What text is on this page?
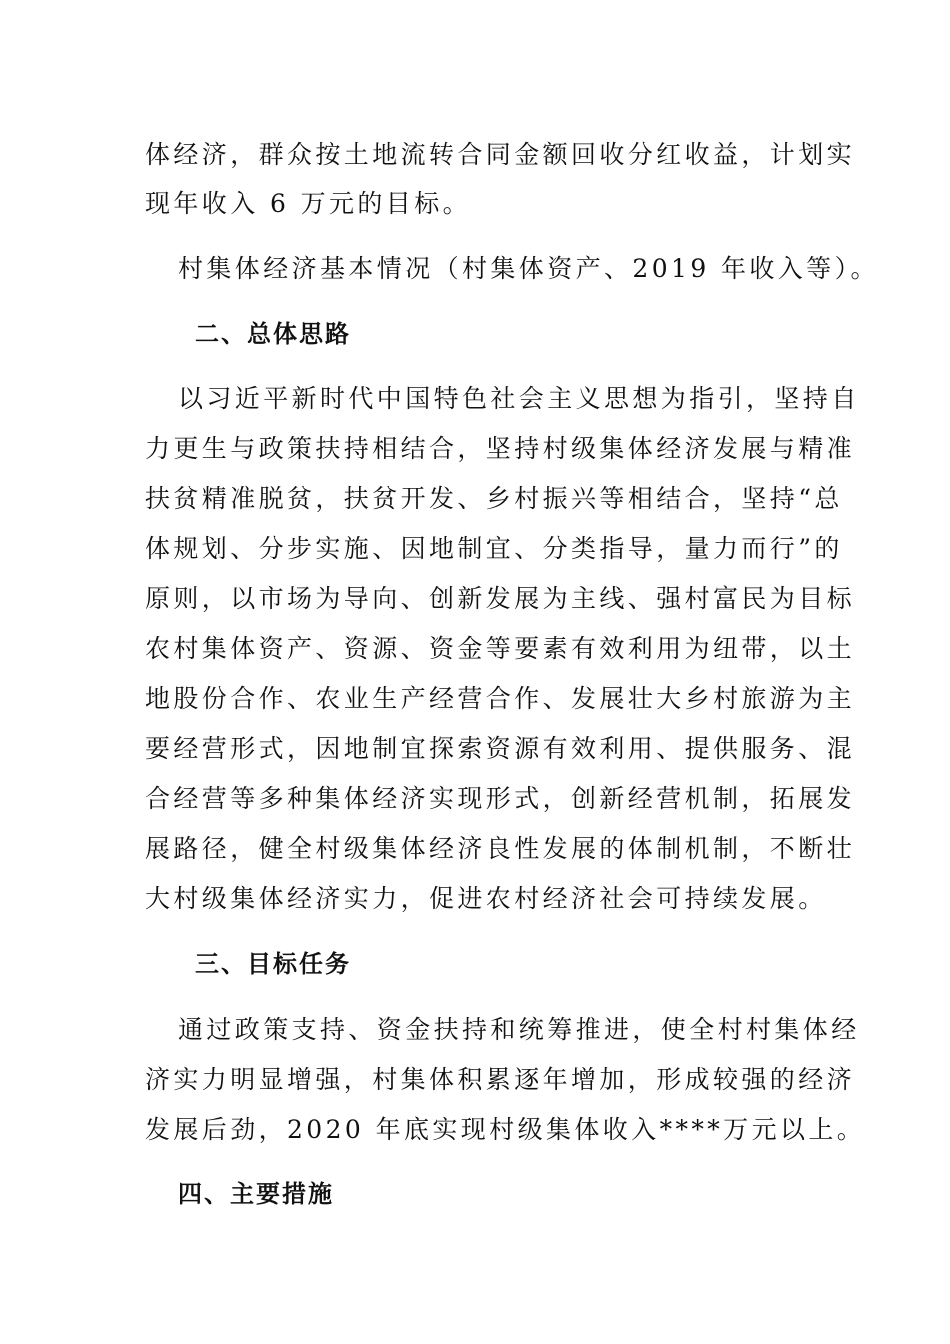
体经济，群众按土地流转合同金额回收分红收益，计划实
现年收入 6 万元的目标。
村集体经济基本情况（村集体资产、2019 年收入等）。
二、总体思路
以习近平新时代中国特色社会主义思想为指引，坚持自
力更生与政策扶持相结合，坚持村级集体经济发展与精准
扶贫精准脱贫，扶贫开发、乡村振兴等相结合，坚持“总
体规划、分步实施、因地制宜、分类指导，量力而行”的
原则，以市场为导向、创新发展为主线、强村富民为目标
农村集体资产、资源、资金等要素有效利用为纽带，以土
地股份合作、农业生产经营合作、发展壮大乡村旅游为主
要经营形式，因地制宜探索资源有效利用、提供服务、混
合经营等多种集体经济实现形式，创新经营机制，拓展发
展路径，健全村级集体经济良性发展的体制机制，不断壮
大村级集体经济实力，促进农村经济社会可持续发展。
三、目标任务
通过政策支持、资金扶持和统筹推进，使全村村集体经
济实力明显增强，村集体积累逐年增加，形成较强的经济
发展后劲，2020 年底实现村级集体收入****万元以上。
四、主要措施
